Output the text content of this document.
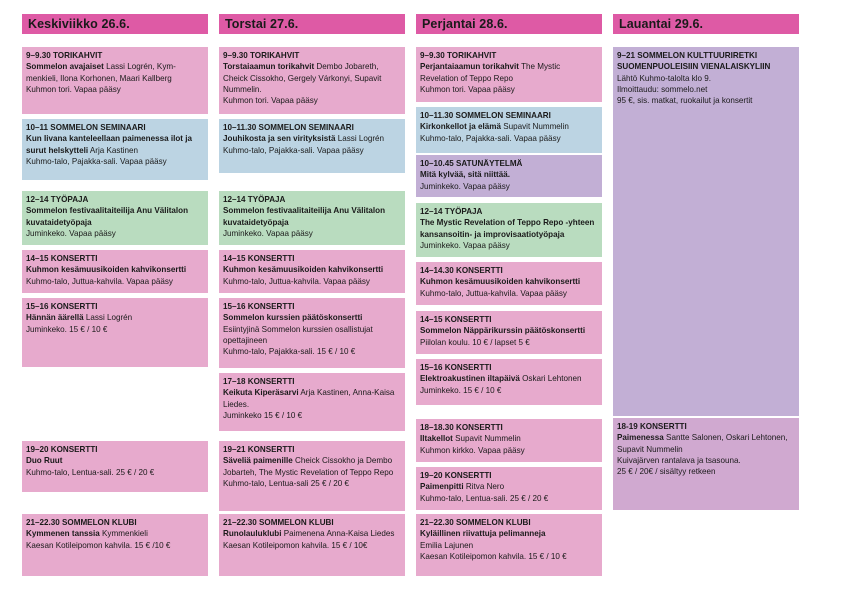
Keskiviikko 26.6.	Torstai 27.6.	Perjantai 28.6.	Lauantai 29.6.
9–9.30 TORIKAHVIT
Sommelon avajaiset Lassi Logrén, Kym-menkieli, Ilona Korhonen, Maari Kallberg
Kuhmon tori. Vapaa pääsy
10–11 SOMMELON SEMINAARI
Kun Iivana kanteleellaan paimenessa ilot ja surut helskytteli Arja Kastinen
Kuhmo-talo, Pajakka-sali. Vapaa pääsy
12–14 TYÖPAJA
Sommelon festivaalitaiteilija Anu Välitalon kuvataidetyöpaja
Juminkeko. Vapaa pääsy
14–15 KONSERTTI
Kuhmon kesämuusikoiden kahvikonsertti
Kuhmo-talo, Juttua-kahvila. Vapaa pääsy
15–16 KONSERTTI
Hännän äärellä Lassi Logrén
Juminkeko. 15 € / 10 €
19–20 KONSERTTI
Duo Ruut
Kuhmo-talo, Lentua-sali. 25 € / 20 €
21–22.30 SOMMELON KLUBI
Kymmenen tanssia Kymmenkieli
Kaesan Kotileipomon kahvila. 15 € /10 €
9–9.30 TORIKAHVIT
Torstaiaamun torikahvit Dembo Jobareth, Cheick Cissokho, Gergely Várkonyi, Supavit Nummelin.
Kuhmon tori. Vapaa pääsy
10–11.30 SOMMELON SEMINAARI
Jouhikosta ja sen virityksistä Lassi Logrén
Kuhmo-talo, Pajakka-sali. Vapaa pääsy
12–14 TYÖPAJA
Sommelon festivaalitaiteilija Anu Välitalon kuvataidetyöpaja
Juminkeko. Vapaa pääsy
14–15 KONSERTTI
Kuhmon kesämuusikoiden kahvikonsertti
Kuhmo-talo, Juttua-kahvila. Vapaa pääsy
15–16 KONSERTTI
Sommelon kurssien päätöskonsertti
Esiintyjinä Sommelon kurssien osallistujat opettajineen
Kuhmo-talo, Pajakka-sali. 15 € / 10 €
17–18 KONSERTTI
Keikuta Kiperäsarvi Arja Kastinen, Anna-Kaisa Liedes.
Juminkeko 15 € / 10 €
19–21 KONSERTTI
Säveliä paimenille Cheick Cissokho ja Dembo Jobarteh, The Mystic Revelation of Teppo Repo
Kuhmo-talo, Lentua-sali 25 € / 20 €
21–22.30 SOMMELON KLUBI
Runolauluklubi Paimenena Anna-Kaisa Liedes
Kaesan Kotileipomon kahvila. 15 € / 10€
9–9.30 TORIKAHVIT
Perjantaiaamun torikahvit The Mystic Revelation of Teppo Repo
Kuhmon tori. Vapaa pääsy
10–11.30 SOMMELON SEMINAARI
Kirkonkellot ja elämä Supavit Nummelin
Kuhmo-talo, Pajakka-sali. Vapaa pääsy
10–10.45 SATUNÄYTELMÄ
Mitä kylvää, sitä niittää.
Juminkeko. Vapaa pääsy
12–14 TYÖPAJA
The Mystic Revelation of Teppo Repo -yhteen kansansoitin- ja improvisaatiotyöpaja
Juminkeko. Vapaa pääsy
14–14.30 KONSERTTI
Kuhmon kesämuusikoiden kahvikonsertti
Kuhmo-talo, Juttua-kahvila. Vapaa pääsy
14–15 KONSERTTI
Sommelon Näppärikurssin päätöskonsertti
Piilolan koulu. 10 € / lapset 5 €
15–16 KONSERTTI
Elektroakustinen iltapäivä Oskari Lehtonen
Juminkeko. 15 € / 10 €
18–18.30 KONSERTTI
Iltakellot Supavit Nummelin
Kuhmon kirkko. Vapaa pääsy
19–20 KONSERTTI
Paimenpitti Ritva Nero
Kuhmo-talo, Lentua-sali. 25 € / 20 €
21–22.30 SOMMELON KLUBI
Kyläillinen riivattuja pelimanneja
Emilia Lajunen
Kaesan Kotileipomon kahvila. 15 € / 10 €
9–21 SOMMELON KULTTUURIRETKI SUOMENPUOLEISIIN VIENALAISKYLIIN
Lähtö Kuhmo-talolta klo 9.
Ilmoittaudu: sommelo.net
95 €, sis. matkat, ruokailut ja konsertit
18-19 KONSERTTI
Paimenessa Santte Salonen, Oskari Lehtonen, Supavit Nummelin
Kuivajärven rantalava ja tsasouna.
25 € / 20€ / sisältyy retkeen
